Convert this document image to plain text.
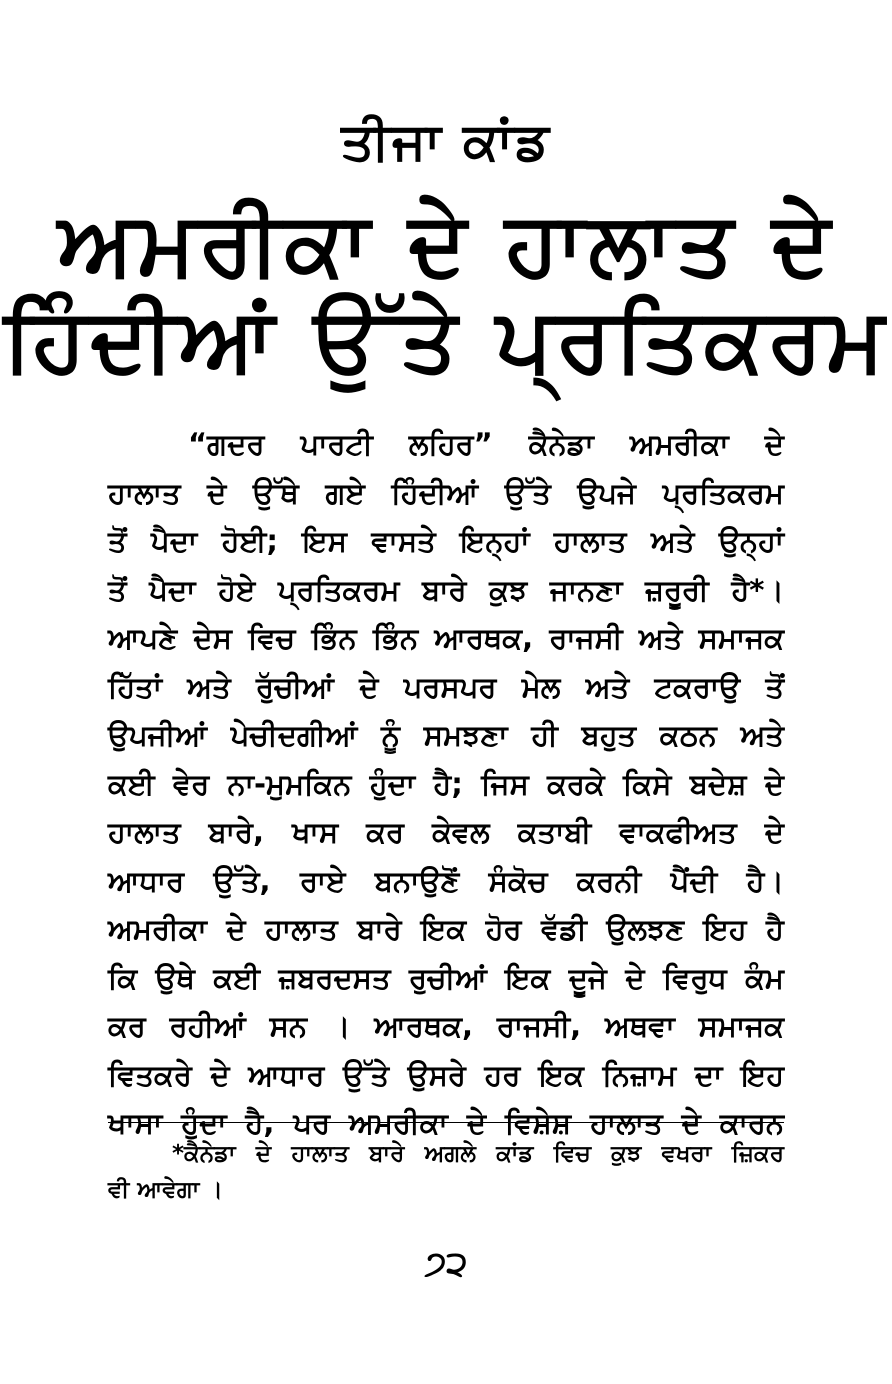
ਤੀਜਾ ਕਾਂਡ
ਅਮਰੀਕਾ ਦੇ ਹਾਲਾਤ ਦੇ
ਹਿੰਦੀਆਂ ਉੱਤੇ ਪ੍ਰਤਿਕਰਮ
“ਗਦਰ ਪਾਰਟੀ ਲਹਿਰ” ਕੈਨੇਡਾ ਅਮਰੀਕਾ ਦੇ
ਹਾਲਾਤ ਦੇ ਉੱਥੇ ਗਏ ਹਿੰਦੀਆਂ ਉੱਤੇ ਉਪਜੇ ਪ੍ਰਤਿਕਰਮ
ਤੋਂ ਪੈਦਾ ਹੋਈ; ਇਸ ਵਾਸਤੇ ਇਨ੍ਹਾਂ ਹਾਲਾਤ ਅਤੇ ਉਨ੍ਹਾਂ
ਤੋਂ ਪੈਦਾ ਹੋਏ ਪ੍ਰਤਿਕਰਮ ਬਾਰੇ ਕੁਝ ਜਾਨਣਾ ਜ਼ਰੂਰੀ ਹੈ*।
ਆਪਣੇ ਦੇਸ ਵਿਚ ਭਿੰਨ ਭਿੰਨ ਆਰਥਕ, ਰਾਜਸੀ ਅਤੇ ਸਮਾਜਕ
ਹਿੱਤਾਂ ਅਤੇ ਰੁੱਚੀਆਂ ਦੇ ਪਰਸਪਰ ਮੇਲ ਅਤੇ ਟਕਰਾਉ ਤੋਂ
ਉਪਜੀਆਂ ਪੇਚੀਦਗੀਆਂ ਨੂੰ ਸਮਝਣਾ ਹੀ ਬਹੁਤ ਕਠਨ ਅਤੇ
ਕਈ ਵੇਰ ਨਾ-ਮੁਮਕਿਨ ਹੁੰਦਾ ਹੈ; ਜਿਸ ਕਰਕੇ ਕਿਸੇ ਬਦੇਸ਼ ਦੇ
ਹਾਲਾਤ ਬਾਰੇ, ਖਾਸ ਕਰ ਕੇਵਲ ਕਤਾਬੀ ਵਾਕਫੀਅਤ ਦੇ
ਆਧਾਰ ਉੱਤੇ, ਰਾਏ ਬਨਾਉਣੋਂ ਸੰਕੋਚ ਕਰਨੀ ਪੈਂਦੀ ਹੈ।
ਅਮਰੀਕਾ ਦੇ ਹਾਲਾਤ ਬਾਰੇ ਇਕ ਹੋਰ ਵੱਡੀ ਉਲਝਣ ਇਹ ਹੈ
ਕਿ ਉਥੇ ਕਈ ਜ਼ਬਰਦਸਤ ਰੁਚੀਆਂ ਇਕ ਦੂਜੇ ਦੇ ਵਿਰੁਧ ਕੰਮ
ਕਰ ਰਹੀਆਂ ਸਨ । ਆਰਥਕ, ਰਾਜਸੀ, ਅਥਵਾ ਸਮਾਜਕ
ਵਿਤਕਰੇ ਦੇ ਆਧਾਰ ਉੱਤੇ ਉਸਰੇ ਹਰ ਇਕ ਨਿਜ਼ਾਮ ਦਾ ਇਹ
ਖਾਸਾ ਹੁੰਦਾ ਹੈ, ਪਰ ਅਮਰੀਕਾ ਦੇ ਵਿਸ਼ੇਸ਼ ਹਾਲਾਤ ਦੇ ਕਾਰਨ
*ਕੈਨੇਡਾ ਦੇ ਹਾਲਾਤ ਬਾਰੇ ਅਗਲੇ ਕਾਂਡ ਵਿਚ ਕੁਝ ਵਖਰਾ ਜ਼ਿਕਰ
ਵੀ ਆਵੇਗਾ ।
੭੨
